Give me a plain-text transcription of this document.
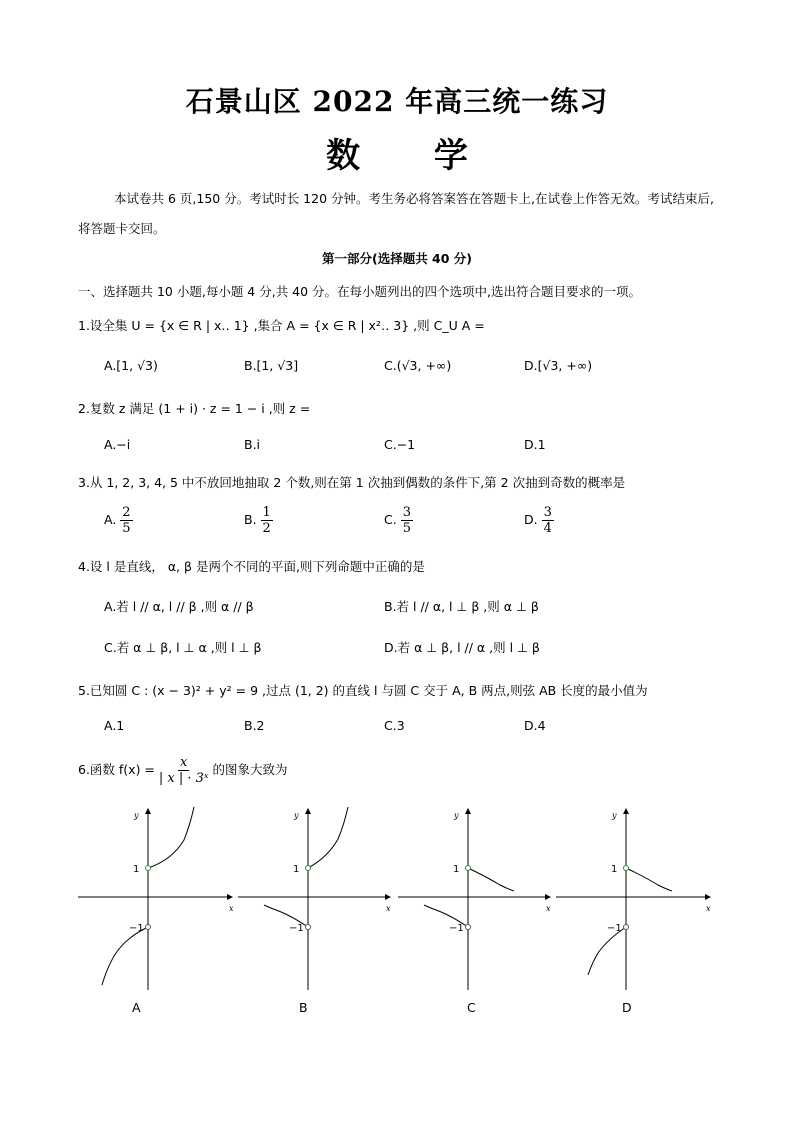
石景山区 2022 年高三统一练习
数 学
本试卷共 6 页,150 分。考试时长 120 分钟。考生务必将答案答在答题卡上,在试卷上作答无效。考试结束后,将答题卡交回。
第一部分(选择题共 40 分)
一、选择题共 10 小题,每小题 4 分,共 40 分。在每小题列出的四个选项中,选出符合题目要求的一项。
1.设全集 U = {x ∈ R | x‥ 1} ,集合 A = {x ∈ R | x²‥ 3} ,则 C_U A =
A.[1, √3)	B.[1, √3]	C.(√3, +∞)	D.[√3, +∞)
2.复数 z 满足 (1 + i) · z = 1 − i ,则 z =
A.−i	B.i	C.−1	D.1
3.从 1, 2, 3, 4, 5 中不放回地抽取 2 个数,则在第 1 次抽到偶数的条件下,第 2 次抽到奇数的概率是
A. $\frac{2}{5}$	B. $\frac{1}{2}$	C. $\frac{3}{5}$	D. $\frac{3}{4}$
4.设 l 是直线， α, β 是两个不同的平面,则下列命题中正确的是
A.若 l // α, l // β ,则 α // β	B.若 l // α, l ⊥ β ,则 α ⊥ β
C.若 α ⊥ β, l ⊥ α ,则 l ⊥ β	D.若 α ⊥ β, l // α ,则 l ⊥ β
5.已知圆 C : (x − 3)² + y² = 9 ,过点 (1, 2) 的直线 l 与圆 C 交于 A, B 两点,则弦 AB 长度的最小值为
A.1	B.2	C.3	D.4
6.函数 $f(x) = \frac{x}{\text{| x | · 3ˣ}}$ 的图象大致为
y
x
1
−1
y
x
1
−1
y
x
1
−1
y
x
1
−1
A	B	C	D
